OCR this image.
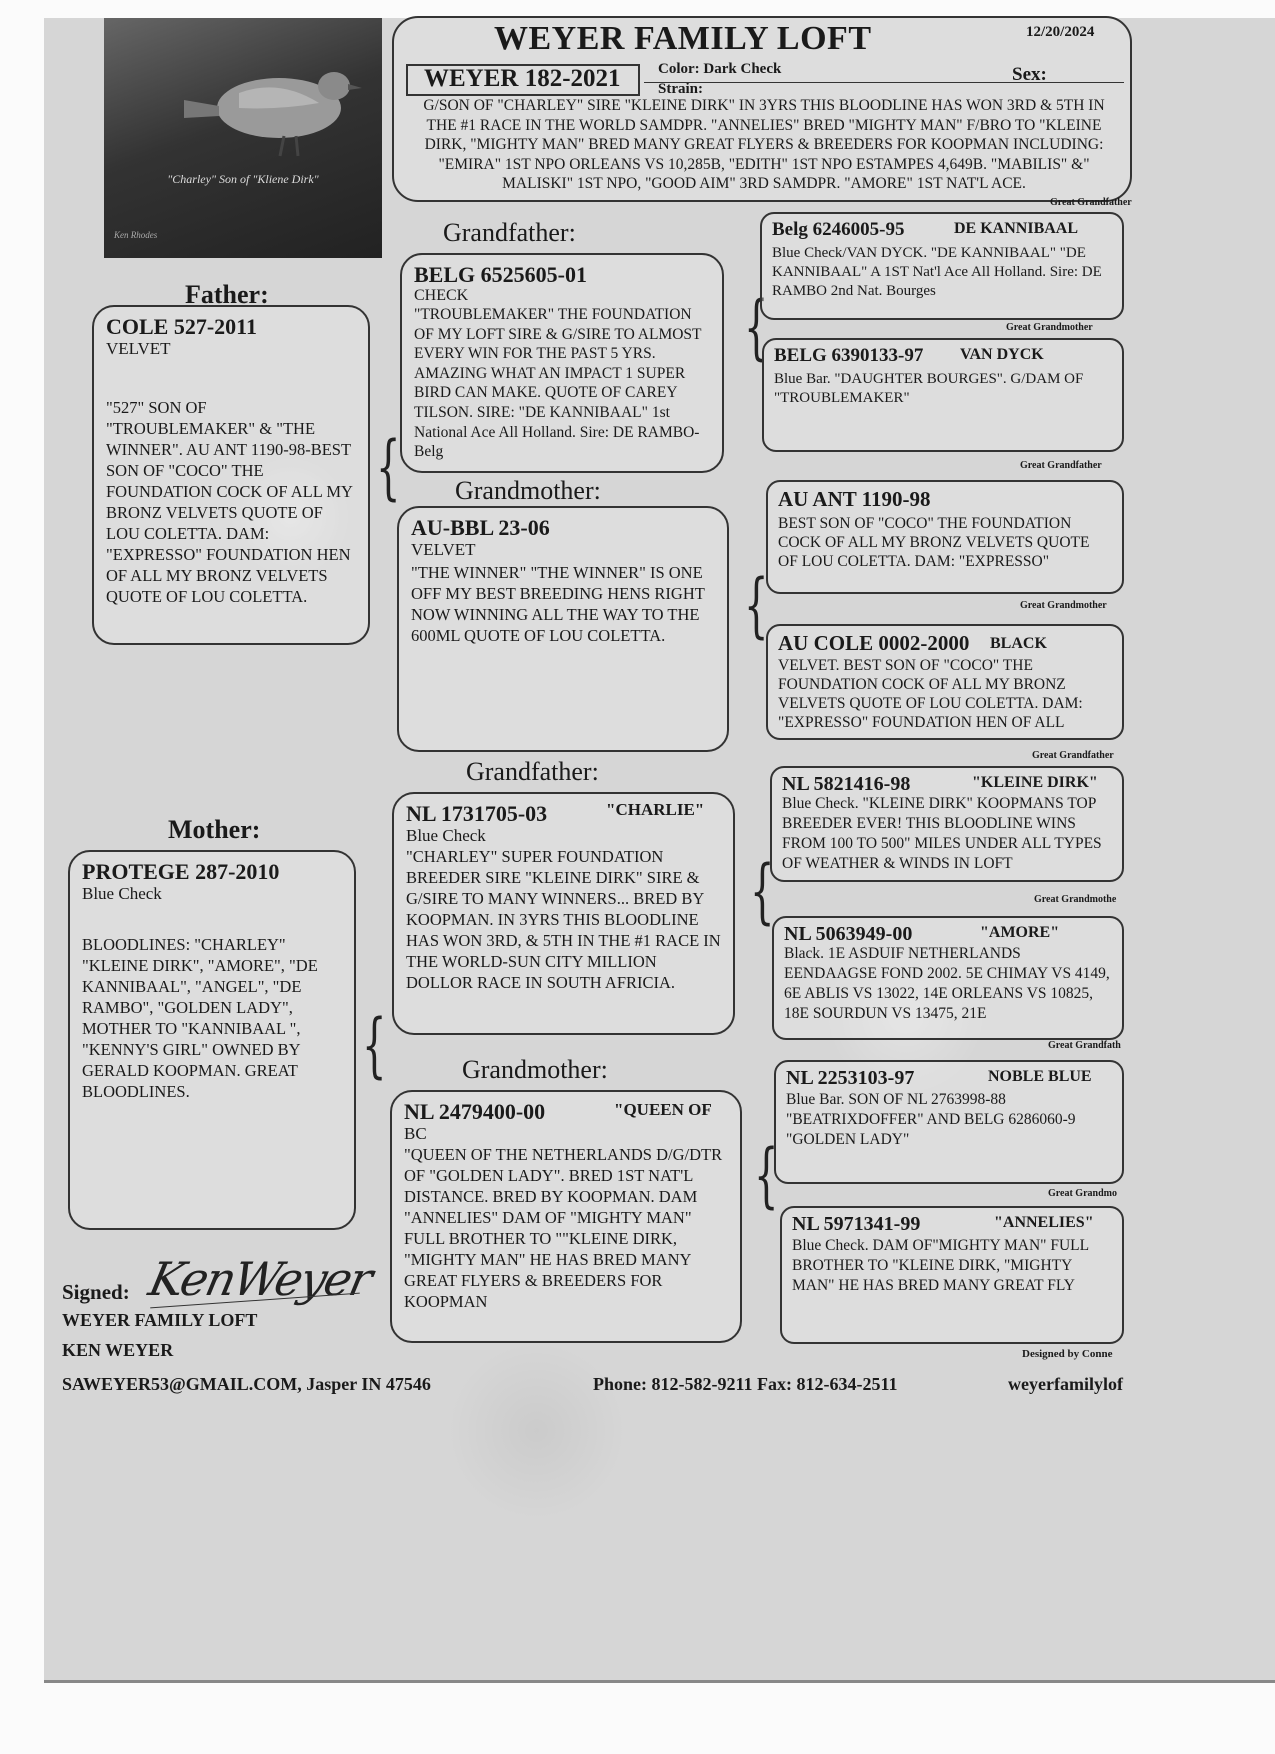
"Charley" Son of "Kliene Dirk"
Ken Rhodes
WEYER FAMILY LOFT	12/20/2024
WEYER 182-2021 Color: Dark Check
Strain:
Sex:
G/SON OF "CHARLEY" SIRE "KLEINE DIRK" IN 3YRS THIS BLOODLINE HAS WON 3RD & 5TH IN THE #1 RACE IN THE WORLD SAMDPR. "ANNELIES" BRED "MIGHTY MAN" F/BRO TO "KLEINE DIRK, "MIGHTY MAN" BRED MANY GREAT FLYERS & BREEDERS FOR KOOPMAN INCLUDING: "EMIRA" 1ST NPO ORLEANS VS 10,285B, "EDITH" 1ST NPO ESTAMPES 4,649B. "MABILIS" &" MALISKI" 1ST NPO, "GOOD AIM" 3RD SAMDPR. "AMORE" 1ST NAT'L ACE.
Father:
COLE 527-2011
VELVET
"527" SON OF "TROUBLEMAKER" & "THE WINNER". AU ANT 1190-98-BEST SON OF "COCO" THE FOUNDATION COCK OF ALL MY BRONZ VELVETS QUOTE OF LOU COLETTA. DAM: "EXPRESSO" FOUNDATION HEN OF ALL MY BRONZ VELVETS QUOTE OF LOU COLETTA.
Mother:
PROTEGE 287-2010
Blue Check
BLOODLINES: "CHARLEY" "KLEINE DIRK", "AMORE", "DE KANNIBAAL", "ANGEL", "DE RAMBO", "GOLDEN LADY", MOTHER TO "KANNIBAAL ", "KENNY'S GIRL" OWNED BY GERALD KOOPMAN. GREAT BLOODLINES.
{
{
Grandfather:
BELG 6525605-01
CHECK
"TROUBLEMAKER" THE FOUNDATION OF MY LOFT SIRE & G/SIRE TO ALMOST EVERY WIN FOR THE PAST 5 YRS. AMAZING WHAT AN IMPACT 1 SUPER BIRD CAN MAKE. QUOTE OF CAREY TILSON. SIRE: "DE KANNIBAAL" 1st National Ace All Holland. Sire: DE RAMBO-Belg
Grandmother:
AU-BBL 23-06
VELVET
"THE WINNER" "THE WINNER" IS ONE OFF MY BEST BREEDING HENS RIGHT NOW WINNING ALL THE WAY TO THE 600ML QUOTE OF LOU COLETTA.
Grandfather:
NL 1731705-03	"CHARLIE"
Blue Check
"CHARLEY" SUPER FOUNDATION BREEDER SIRE "KLEINE DIRK" SIRE & G/SIRE TO MANY WINNERS... BRED BY KOOPMAN. IN 3YRS THIS BLOODLINE HAS WON 3RD, & 5TH IN THE #1 RACE IN THE WORLD-SUN CITY MILLION DOLLOR RACE IN SOUTH AFRICIA.
Grandmother:
NL 2479400-00	"QUEEN OF
BC
"QUEEN OF THE NETHERLANDS D/G/DTR OF "GOLDEN LADY". BRED 1ST NAT'L DISTANCE. BRED BY KOOPMAN. DAM "ANNELIES" DAM OF "MIGHTY MAN" FULL BROTHER TO ""KLEINE DIRK, "MIGHTY MAN" HE HAS BRED MANY GREAT FLYERS & BREEDERS FOR KOOPMAN
{
{
{
{
Great Grandfather
Belg 6246005-95	DE KANNIBAAL
Blue Check/VAN DYCK. "DE KANNIBAAL" "DE KANNIBAAL" A 1ST Nat'l Ace All Holland. Sire: DE RAMBO 2nd Nat. Bourges
Great Grandmother
BELG 6390133-97	VAN DYCK
Blue Bar. "DAUGHTER BOURGES". G/DAM OF "TROUBLEMAKER"
Great Grandfather
AU ANT 1190-98
BEST SON OF "COCO" THE FOUNDATION COCK OF ALL MY BRONZ VELVETS QUOTE OF LOU COLETTA. DAM: "EXPRESSO"
Great Grandmother
AU COLE 0002-2000	BLACK
VELVET. BEST SON OF "COCO" THE FOUNDATION COCK OF ALL MY BRONZ VELVETS QUOTE OF LOU COLETTA. DAM: "EXPRESSO" FOUNDATION HEN OF ALL
Great Grandfather
NL 5821416-98	"KLEINE DIRK"
Blue Check. "KLEINE DIRK" KOOPMANS TOP BREEDER EVER! THIS BLOODLINE WINS FROM 100 TO 500" MILES UNDER ALL TYPES OF WEATHER & WINDS IN LOFT
Great Grandmothe
NL 5063949-00	"AMORE"
Black. 1E ASDUIF NETHERLANDS EENDAAGSE FOND 2002. 5E CHIMAY VS 4149, 6E ABLIS VS 13022, 14E ORLEANS VS 10825, 18E SOURDUN VS 13475, 21E
Great Grandfath
NL 2253103-97	NOBLE BLUE
Blue Bar. SON OF NL 2763998-88 "BEATRIXDOFFER" AND BELG 6286060-9 "GOLDEN LADY"
Great Grandmo
NL 5971341-99	"ANNELIES"
Blue Check. DAM OF"MIGHTY MAN" FULL BROTHER TO "KLEINE DIRK, "MIGHTY MAN" HE HAS BRED MANY GREAT FLY
Signed: KenWeyer
WEYER FAMILY LOFT
KEN WEYER
SAWEYER53@GMAIL.COM, Jasper IN 47546	Phone: 812-582-9211 Fax: 812-634-2511	weyerfamilylof
Designed by Conne
